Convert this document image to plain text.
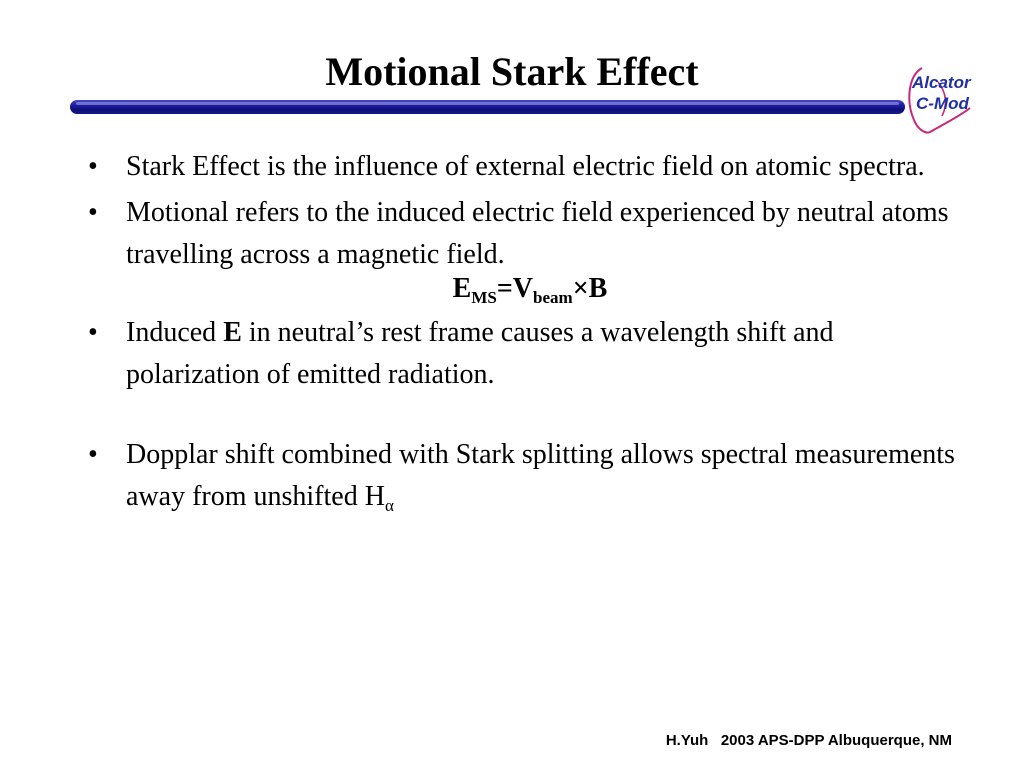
Motional Stark Effect	Alcator
C-Mod
• Stark Effect is the influence of external electric field on atomic spectra.
• Motional refers to the induced electric field experienced by neutral atoms travelling across a magnetic field.
$E_{MS}=V_{beam}\times B$
• Induced E in neutral’s rest frame causes a wavelength shift and polarization of emitted radiation.
• Dopplar shift combined with Stark splitting allows spectral measurements away from unshifted $H_\alpha$
H.Yuh   2003 APS-DPP Albuquerque, NM
